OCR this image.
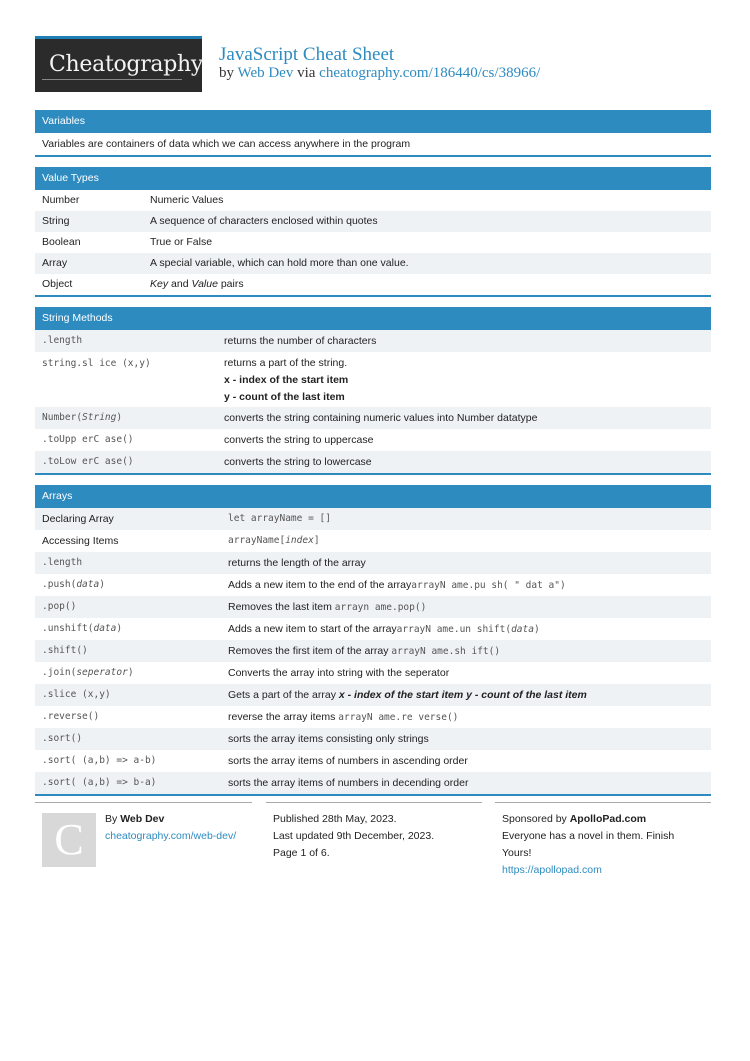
Cheatography JavaScript Cheat Sheet
by Web Dev via cheatography.com/186440/cs/38966/
Variables
Variables are containers of data which we can access anywhere in the program
Value Types
Number	Numeric Values
String	A sequence of characters enclosed within quotes
Boolean	True or False
Array	A special variable, which can hold more than one value.
Object	Key and Value pairs
String Methods
.length	returns the number of characters
string.sl ice (x,y)	returns a part of the string.
x - index of the start item
y - count of the last item
Number(String)	converts the string containing numeric values into Number datatype
.toUpp erC ase()	converts the string to uppercase
.toLow erC ase()	converts the string to lowercase
Arrays
Declaring Array	let arrayName = []
Accessing Items	arrayName[index]
.length	returns the length of the array
.push(data)	Adds a new item to the end of the arrayarrayN ame.pu sh( " dat a")
.pop()	Removes the last item arrayn ame.pop()
.unshift(data)	Adds a new item to start of the arrayarrayN ame.un shift(data)
.shift()	Removes the first item of the array arrayN ame.sh ift()
.join(seperator)	Converts the array into string with the seperator
.slice (x,y)	Gets a part of the array x - index of the start item y - count of the last item
.reverse()	reverse the array items arrayN ame.re verse()
.sort()	sorts the array items consisting only strings
.sort( (a,b) => a-b)	sorts the array items of numbers in ascending order
.sort( (a,b) => b-a)	sorts the array items of numbers in decending order
C	By Web Dev
cheatography.com/web-dev/
Published 28th May, 2023.
Last updated 9th December, 2023.
Page 1 of 6.
Sponsored by ApolloPad.com
Everyone has a novel in them. Finish Yours!
https://apollopad.com
